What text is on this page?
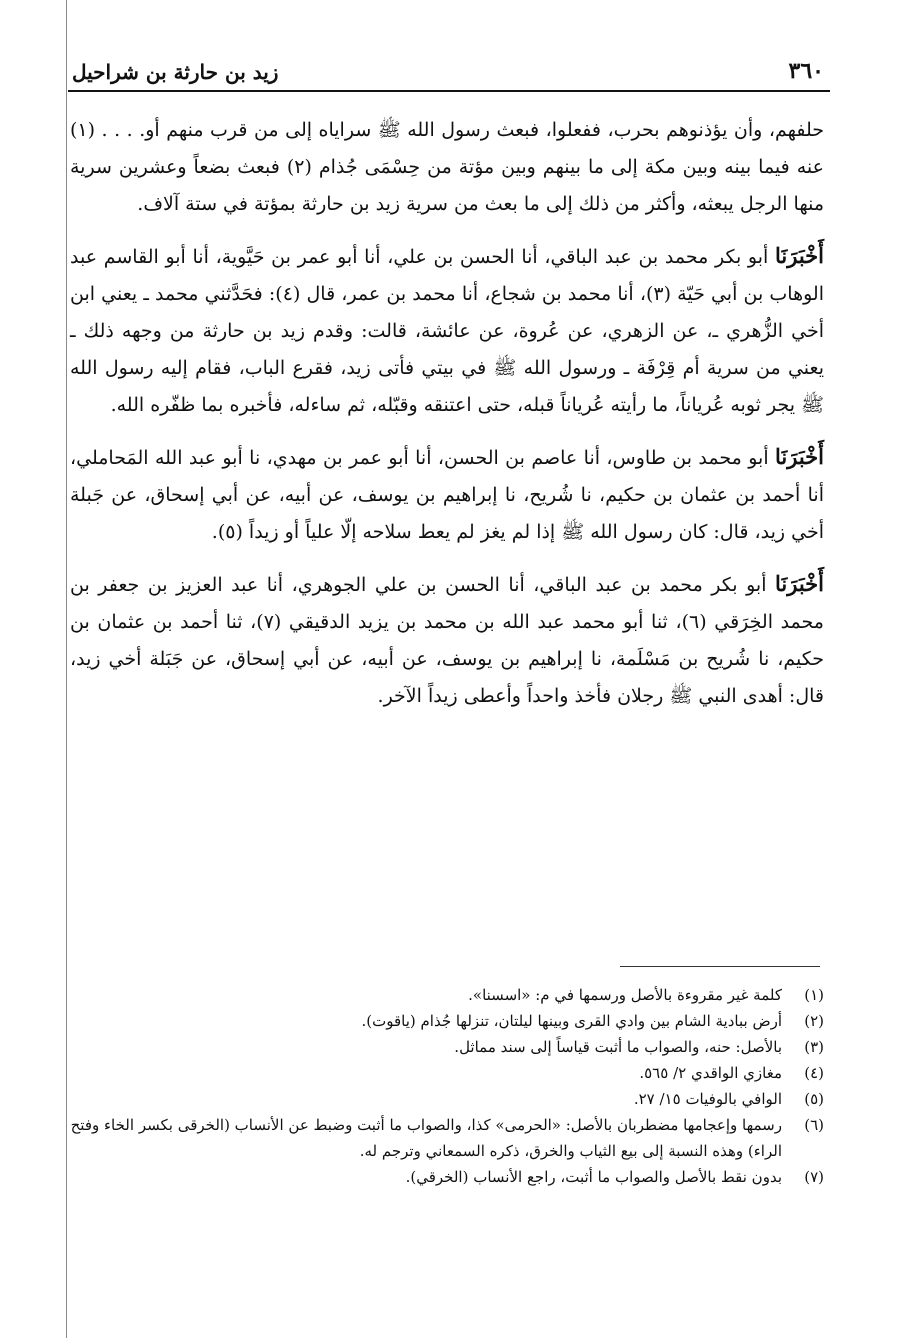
زيد بن حارثة بن شراحيل	٣٦٠

حلفهم، وأن يؤذنوهم بحرب، ففعلوا، فبعث رسول الله ﷺ سراياه إلى من قرب منهم أو. . . . (١) عنه فيما بينه وبين مكة إلى ما بينهم وبين مؤتة من حِسْمَى جُذام (٢) فبعث بضعاً وعشرين سرية منها الرجل يبعثه، وأكثر من ذلك إلى ما بعث من سرية زيد بن حارثة بمؤتة في ستة آلاف.

أَخْبَرَنَا أبو بكر محمد بن عبد الباقي، أنا الحسن بن علي، أنا أبو عمر بن حَيَّوية، أنا أبو القاسم عبد الوهاب بن أبي حَيّة (٣)، أنا محمد بن شجاع، أنا محمد بن عمر، قال (٤): فحَدَّثني محمد ـ يعني ابن أخي الزُّهري ـ، عن الزهري، عن عُروة، عن عائشة، قالت: وقدم زيد بن حارثة من وجهه ذلك ـ يعني من سرية أم قِرْفَة ـ ورسول الله ﷺ في بيتي فأتى زيد، فقرع الباب، فقام إليه رسول الله ﷺ يجر ثوبه عُرياناً، ما رأيته عُرياناً قبله، حتى اعتنقه وقبّله، ثم ساءله، فأخبره بما ظفّره الله.

أَخْبَرَنَا أبو محمد بن طاوس، أنا عاصم بن الحسن، أنا أبو عمر بن مهدي، نا أبو عبد الله المَحاملي، أنا أحمد بن عثمان بن حكيم، نا شُريح، نا إبراهيم بن يوسف، عن أبيه، عن أبي إسحاق، عن جَبلة أخي زيد، قال: كان رسول الله ﷺ إذا لم يغز لم يعط سلاحه إلّا علياً أو زيداً (٥).

أَخْبَرَنَا أبو بكر محمد بن عبد الباقي، أنا الحسن بن علي الجوهري، أنا عبد العزيز بن جعفر بن محمد الخِرَقي (٦)، ثنا أبو محمد عبد الله بن محمد بن يزيد الدقيقي (٧)، ثنا أحمد بن عثمان بن حكيم، نا شُريح بن مَسْلَمة، نا إبراهيم بن يوسف، عن أبيه، عن أبي إسحاق، عن جَبَلة أخي زيد، قال: أهدى النبي ﷺ رجلان فأخذ واحداً وأعطى زيداً الآخر.

(١)
كلمة غير مقروءة بالأصل ورسمها في م: «اسسنا».
(٢)
أرض ببادية الشام بين وادي القرى وبينها ليلتان، تنزلها جُذام (ياقوت).
(٣)
بالأصل: حنه، والصواب ما أثبت قياساً إلى سند مماثل.
(٤)
مغازي الواقدي ٢/ ٥٦٥.
(٥)
الوافي بالوفيات ١٥/ ٢٧.
(٦)
رسمها وإعجامها مضطربان بالأصل: «الحرمى» كذا، والصواب ما أثبت وضبط عن الأنساب (الخرقى بكسر الخاء وفتح الراء) وهذه النسبة إلى بيع الثياب والخرق، ذكره السمعاني وترجم له.
(٧)
بدون نقط بالأصل والصواب ما أثبت، راجع الأنساب (الخرقي).
